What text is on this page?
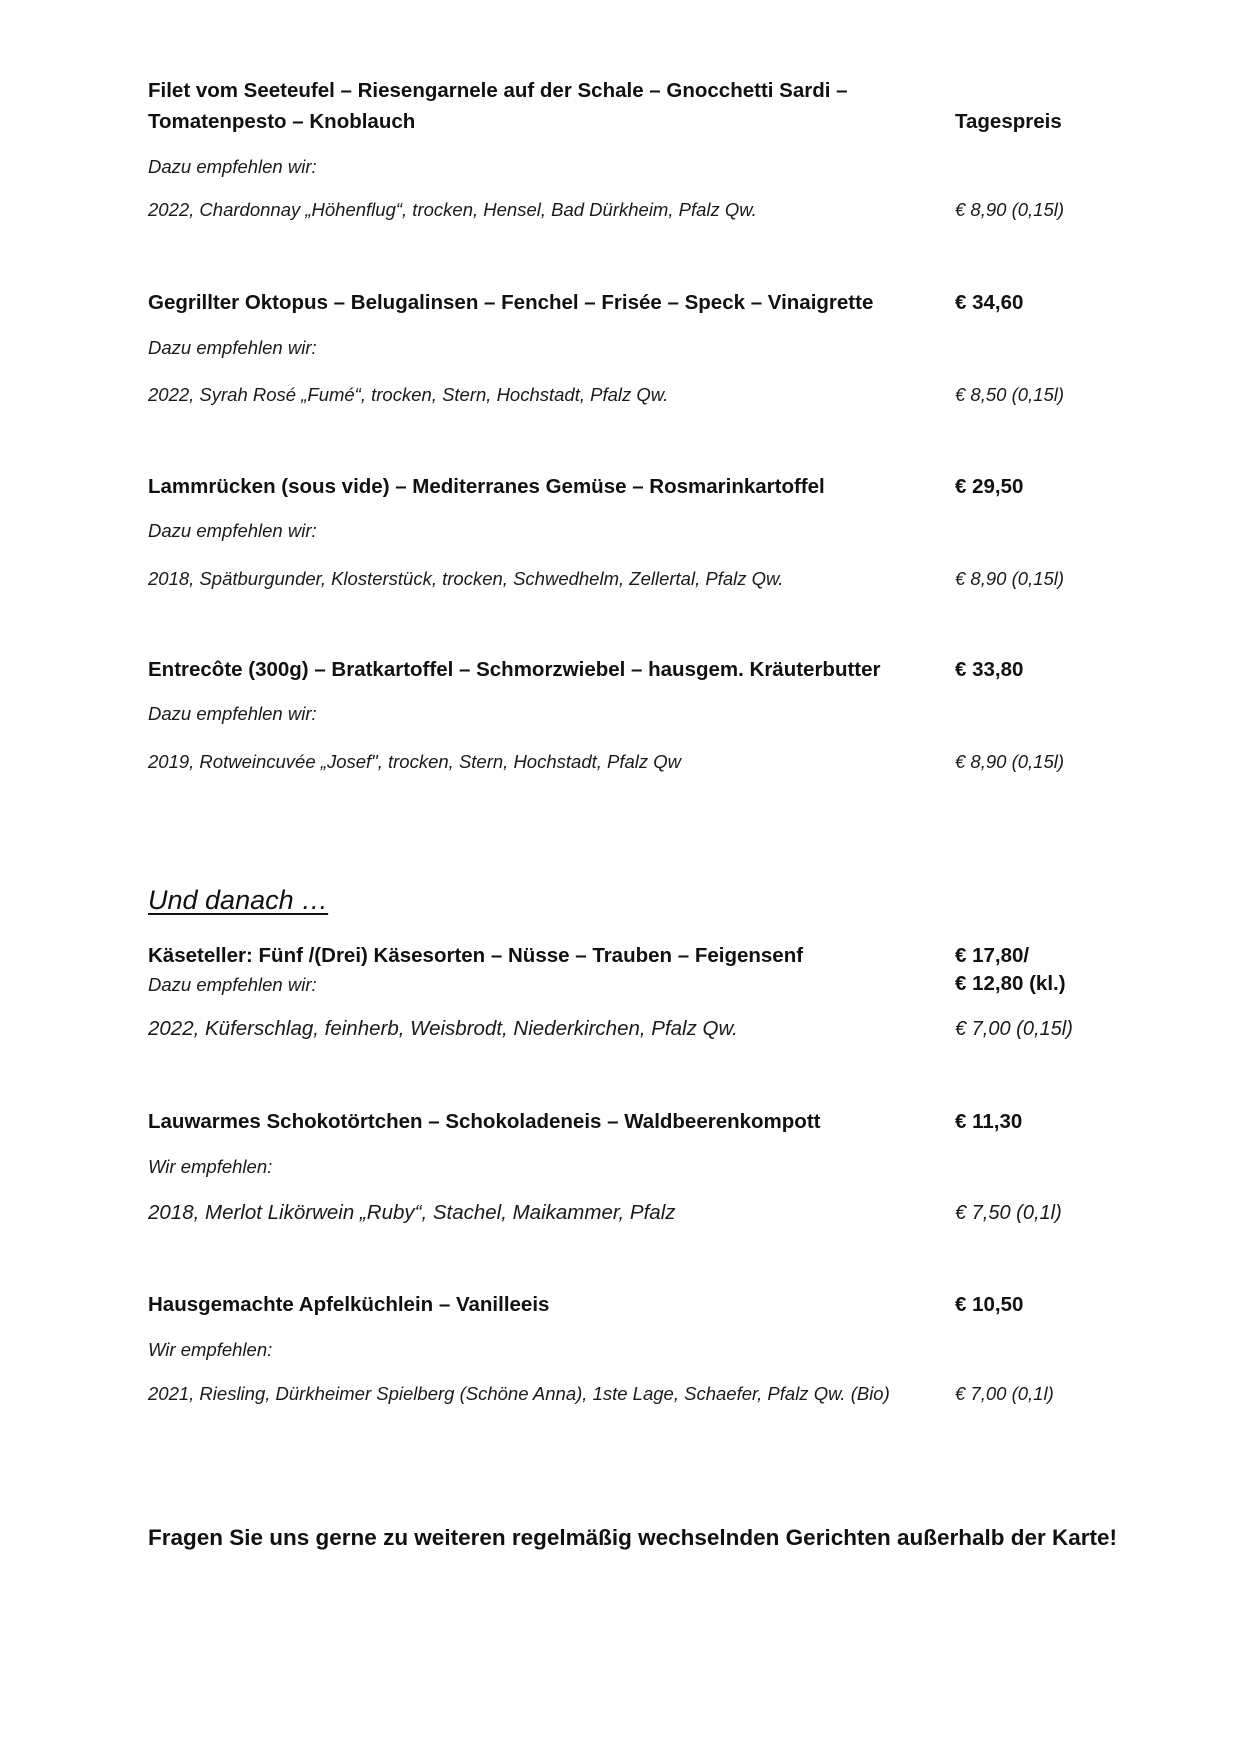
Filet vom Seeteufel – Riesengarnele auf der Schale – Gnocchetti Sardi –
Tomatenpesto – Knoblauch	Tagespreis
Dazu empfehlen wir:
2022, Chardonnay „Höhenflug“, trocken, Hensel, Bad Dürkheim, Pfalz Qw.	€ 8,90 (0,15l)
Gegrillter Oktopus – Belugalinsen – Fenchel – Frisée – Speck – Vinaigrette	€ 34,60
Dazu empfehlen wir:
2022, Syrah Rosé „Fumé“, trocken, Stern, Hochstadt, Pfalz Qw.	€ 8,50 (0,15l)
Lammrücken (sous vide) – Mediterranes Gemüse – Rosmarinkartoffel	€ 29,50
Dazu empfehlen wir:
2018, Spätburgunder, Klosterstück, trocken, Schwedhelm, Zellertal, Pfalz Qw.	€ 8,90 (0,15l)
Entrecôte (300g) – Bratkartoffel – Schmorzwiebel – hausgem. Kräuterbutter	€ 33,80
Dazu empfehlen wir:
2019, Rotweincuvée „Josef", trocken, Stern, Hochstadt, Pfalz Qw	€ 8,90 (0,15l)
Und danach …
Käseteller: Fünf /(Drei) Käsesorten – Nüsse – Trauben – Feigensenf	€ 17,80/
€ 12,80 (kl.)
Dazu empfehlen wir:
2022, Küferschlag, feinherb, Weisbrodt, Niederkirchen, Pfalz Qw.	€ 7,00 (0,15l)
Lauwarmes Schokotörtchen – Schokoladeneis – Waldbeerenkompott	€ 11,30
Wir empfehlen:
2018, Merlot Likörwein „Ruby“, Stachel, Maikammer, Pfalz	€ 7,50 (0,1l)
Hausgemachte Apfelküchlein – Vanilleeis	€ 10,50
Wir empfehlen:
2021, Riesling, Dürkheimer Spielberg (Schöne Anna), 1ste Lage, Schaefer, Pfalz Qw. (Bio)	€ 7,00 (0,1l)
Fragen Sie uns gerne zu weiteren regelmäßig wechselnden Gerichten außerhalb der Karte!
